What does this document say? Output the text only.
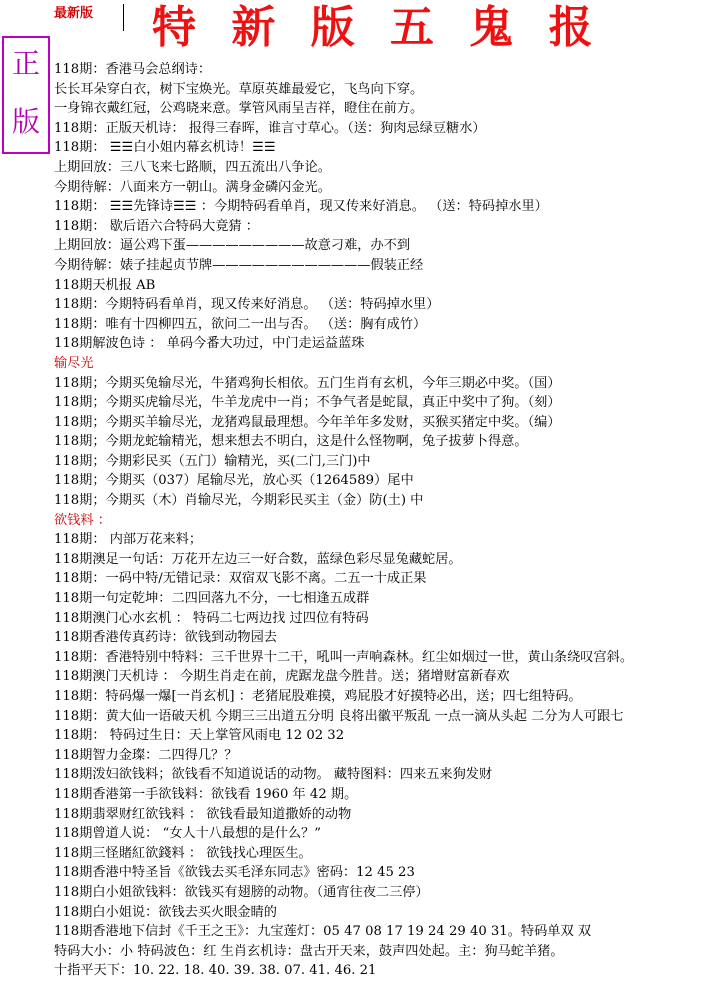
最新版 特 新 版 五 鬼 报
正
版
118期：香港马会总纲诗：
长长耳朵穿白衣，树下宝焕光。草原英雄最爱它，飞鸟向下穿。
一身锦衣戴红冠，公鸡晓来意。掌管风雨呈吉祥，瞪住在前方。
118期：正版天机诗： 报得三春晖，谁言寸草心。（送：狗肉忌绿豆糖水）
118期： ☰☰白小姐内幕玄机诗！☰☰
上期回放：三八飞来七路顺，四五流出八争论。
今期待解：八面来方一朝山。满身金磷闪金光。
118期： ☰☰先锋诗☰☰ ：今期特码看单肖，现又传来好消息。 （送：特码掉水里）
118期： 歇后语六合特码大竟猜 ：
上期回放：逼公鸡下蛋—————————故意刁难，办不到
今期待解：婊子挂起贞节牌————————————假装正经
118期天机报 AB
118期：今期特码看单肖，现又传来好消息。 （送：特码掉水里）
118期：唯有十四柳四五，欲问二一出与否。 （送：胸有成竹）
118期解波色诗 ： 单码今番大功过，中门走运益蓝珠
输尽光
118期；今期买兔输尽光，牛猪鸡狗长相依。五门生肖有玄机，今年三期必中奖。（国）
118期；今期买虎输尽光，牛羊龙虎中一肖；不争气者是蛇鼠，真正中奖中了狗。（刻）
118期；今期买羊输尽光，龙猪鸡鼠最理想。今年羊年多发财，买猴买猪定中奖。（编）
118期；今期龙蛇输精光，想来想去不明白，这是什么怪物啊，兔子拔萝卜得意。
118期；今期彩民买（五门）输精光，买(二门,三门)中
118期；今期买（037）尾输尽光，放心买（1264589）尾中
118期；今期买（木）肖输尽光，今期彩民买主（金）防(土) 中
欲钱料 ：
118期： 内部万花来料；
118期澳足一句话：万花开左边三一好合数，蓝绿色彩尽显兔藏蛇居。
118期：一码中特/无错记录：双宿双飞影不离。二五一十成正果
118期一句定乾坤：二四回落九不分，一七相逢五成群
118期澳门心水玄机 ： 特码二七两边找 过四位有特码
118期香港传真药诗：欲钱到动物园去
118期：香港特别中特料：三千世界十二干，吼叫一声响森林。红尘如烟过一世，黄山条绕叹宫斜。
118期澳门天机诗 ： 今期生肖走在前，虎踞龙盘今胜昔。送；猪增财富新春欢
118期：特码爆一爆[一肖玄机] ：老猪屁股难摸，鸡屁股才好摸特必出，送；四七组特码。
118期：黄大仙一语破天机 今期三三出道五分明 良将出徽平叛乱 一点一滴从头起 二分为人可跟七
118期： 特码过生日：天上掌管风雨电 12 02 32
118期智力金璨：二四得几？？
118期泼妇欲钱料；欲钱看不知道说话的动物。 藏特图料：四来五来狗发财
118期香港第一手欲钱料：欲钱看 1960 年 42 期。
118期翡翠财红欲钱料 ： 欲钱看最知道撒娇的动物
118期曾道人说： “女人十八最想的是什么？”
118期三怪賭紅欲錢料 ： 欲钱找心理医生。
118期香港中特圣旨《欲钱去买毛泽东同志》密码：12 45 23
118期白小姐欲钱料：欲钱买有翅膀的动物。（通宵往夜二三停）
118期白小姐说：欲钱去买火眼金睛的
118期香港地下信封《千王之王》：九宝莲灯：05 47 08 17 19 24 29 40 31。特码单双 双
特码大小：小 特码波色：红 生肖玄机诗：盘古开天来，鼓声四处起。主：狗马蛇羊猪。
十指平天下：10. 22. 18. 40. 39. 38. 07. 41. 46. 21
